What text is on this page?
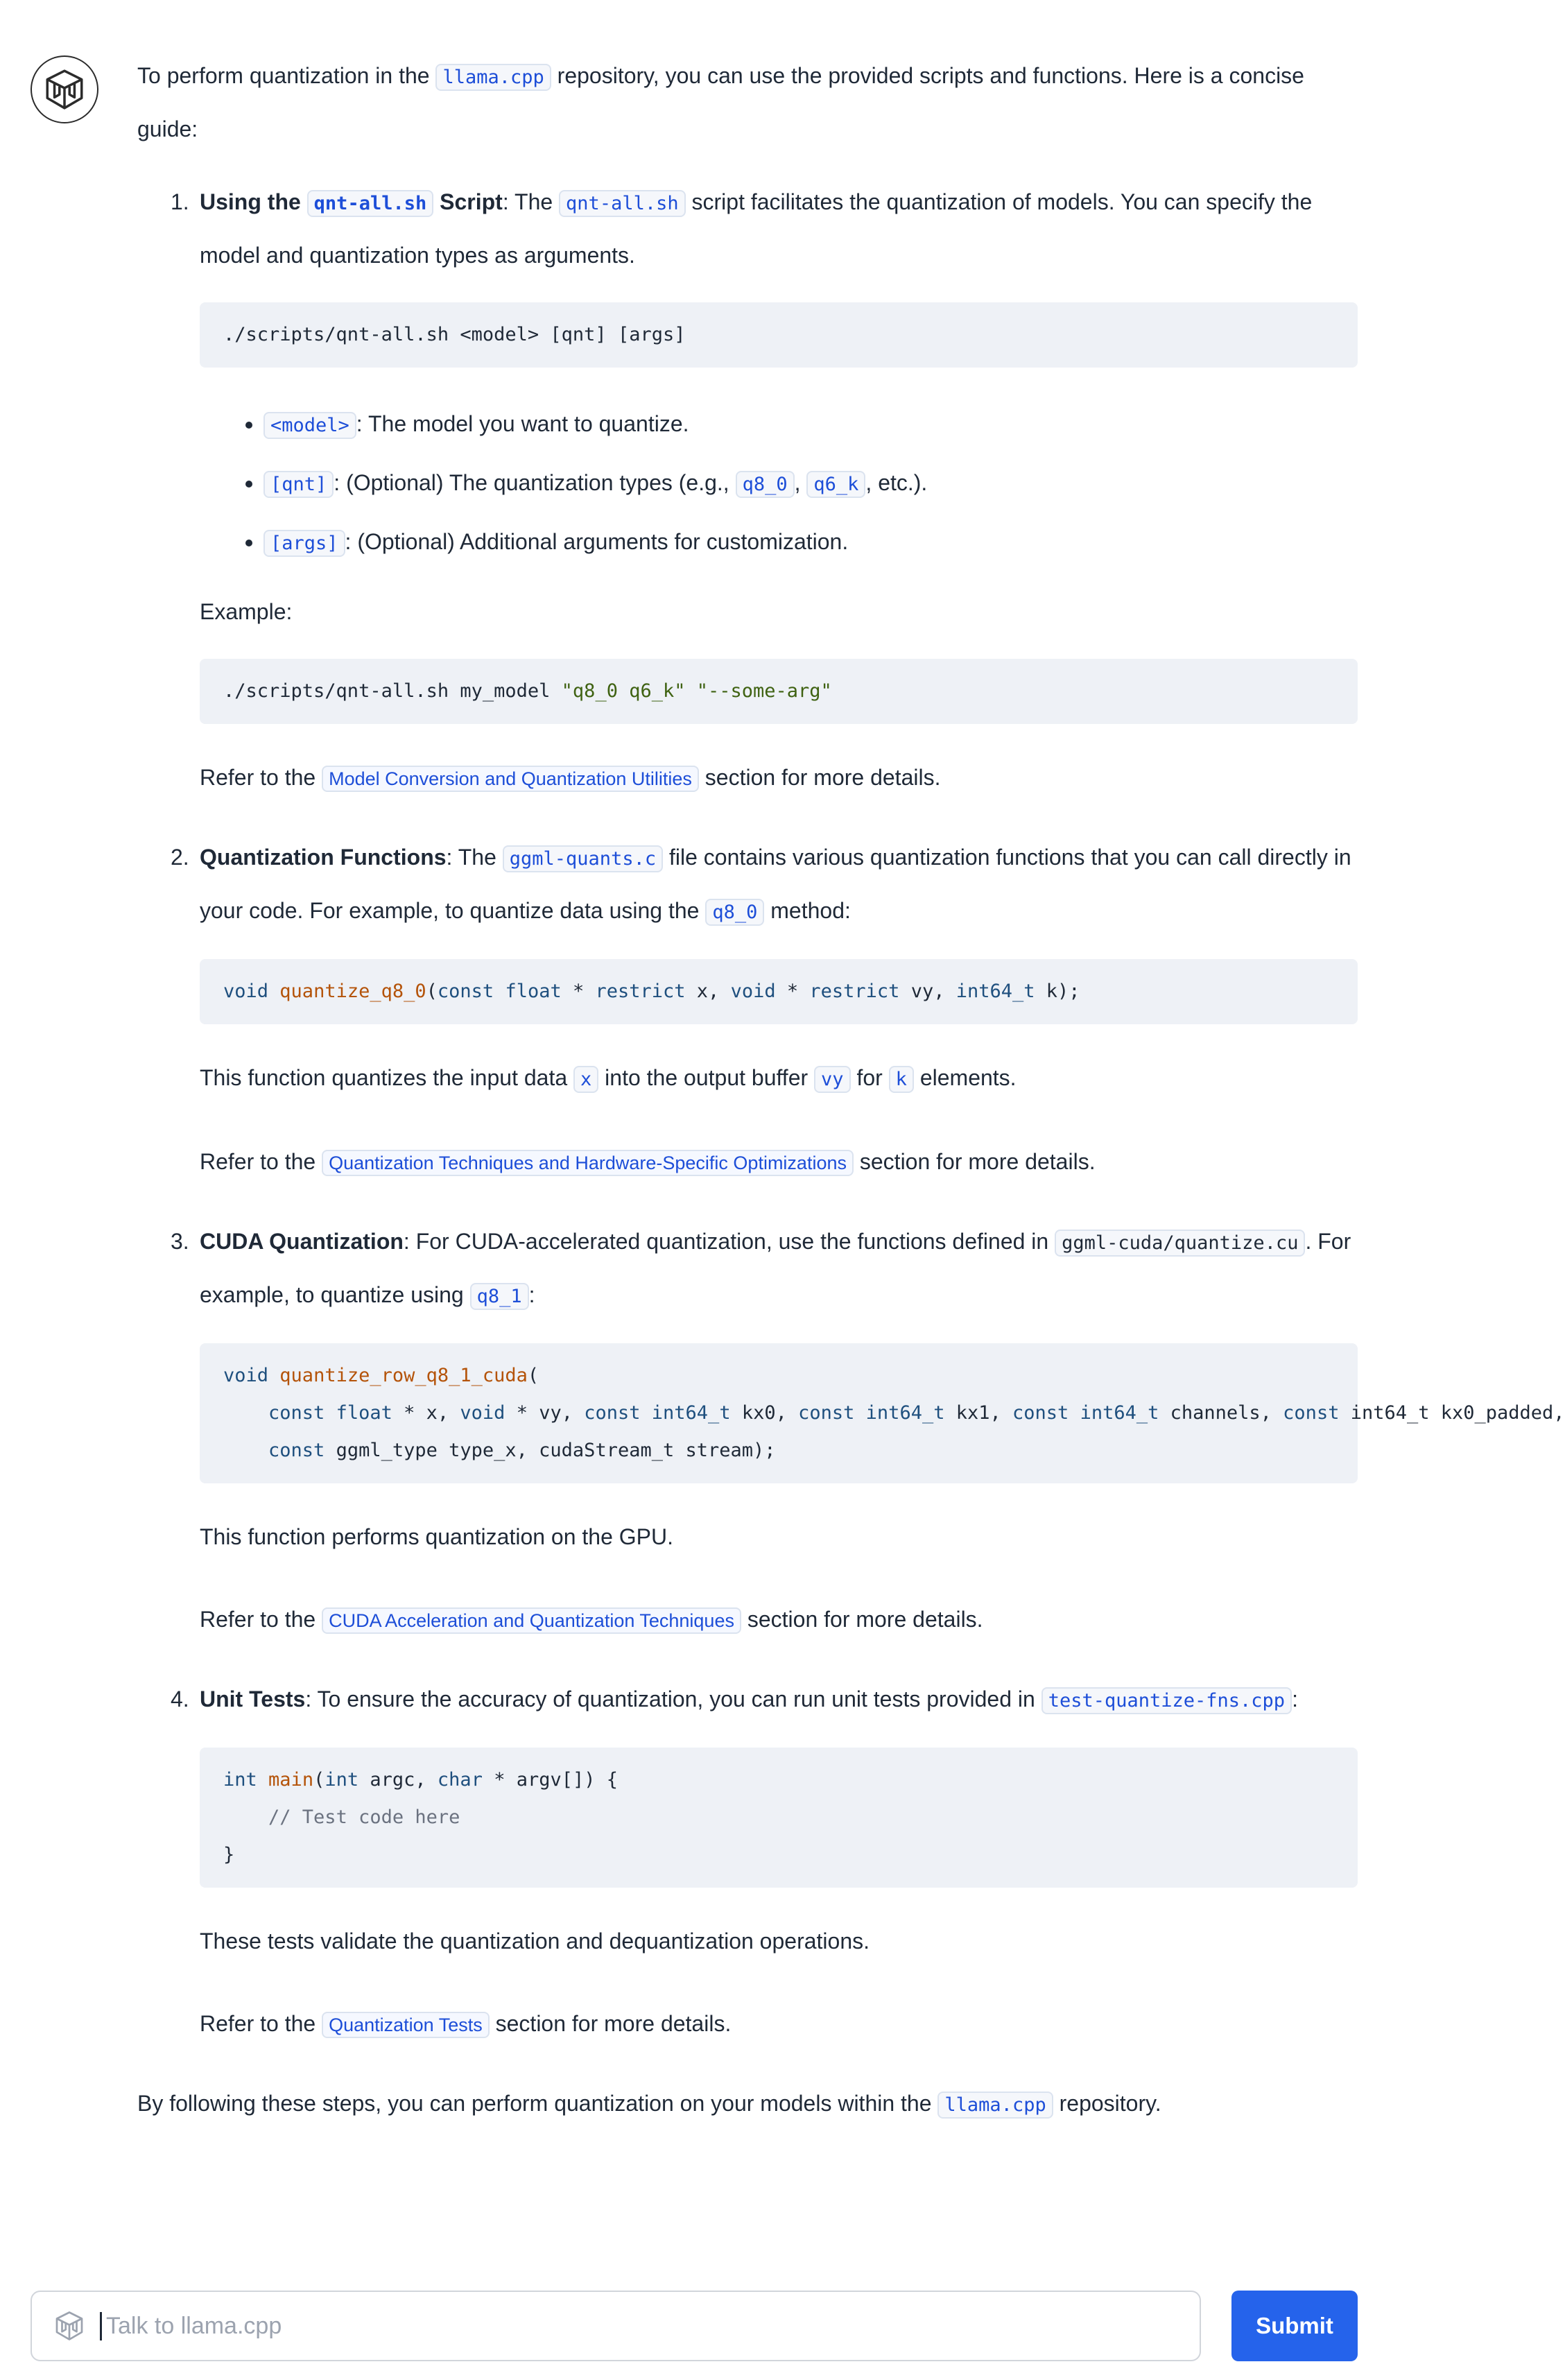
To perform quantization in the llama.cpp repository, you can use the provided scripts and functions. Here is a concise guide:

1. Using the qnt-all.sh Script: The qnt-all.sh script facilitates the quantization of models. You can specify the model and quantization types as arguments.

./scripts/qnt-all.sh <model> [qnt] [args]
• <model> : The model you want to quantize.
• [qnt] : (Optional) The quantization types (e.g., q8_0 , q6_k , etc.).
• [args] : (Optional) Additional arguments for customization.

Example:

./scripts/qnt-all.sh my_model "q8_0 q6_k" "--some-arg"

Refer to the Model Conversion and Quantization Utilities section for more details.

2. Quantization Functions: The ggml-quants.c file contains various quantization functions that you can call directly in your code. For example, to quantize data using the q8_0 method:

void quantize_q8_0(const float * restrict x, void * restrict vy, int64_t k);

This function quantizes the input data x into the output buffer vy for k elements.

Refer to the Quantization Techniques and Hardware-Specific Optimizations section for more details.

3. CUDA Quantization: For CUDA-accelerated quantization, use the functions defined in ggml-cuda/quantize.cu . For example, to quantize using q8_1 :

void quantize_row_q8_1_cuda(
const float * x, void * vy, const int64_t kx0, const int64_t kx1, const int64_t channels, const int64_t kx0_padded,
const ggml_type type_x, cudaStream_t stream);

This function performs quantization on the GPU.

Refer to the CUDA Acceleration and Quantization Techniques section for more details.

4. Unit Tests: To ensure the accuracy of quantization, you can run unit tests provided in test-quantize-fns.cpp :

int main(int argc, char * argv[]) {
// Test code here
}

These tests validate the quantization and dequantization operations.

Refer to the Quantization Tests section for more details.

By following these steps, you can perform quantization on your models within the llama.cpp repository.

Talk to llama.cpp
Submit
